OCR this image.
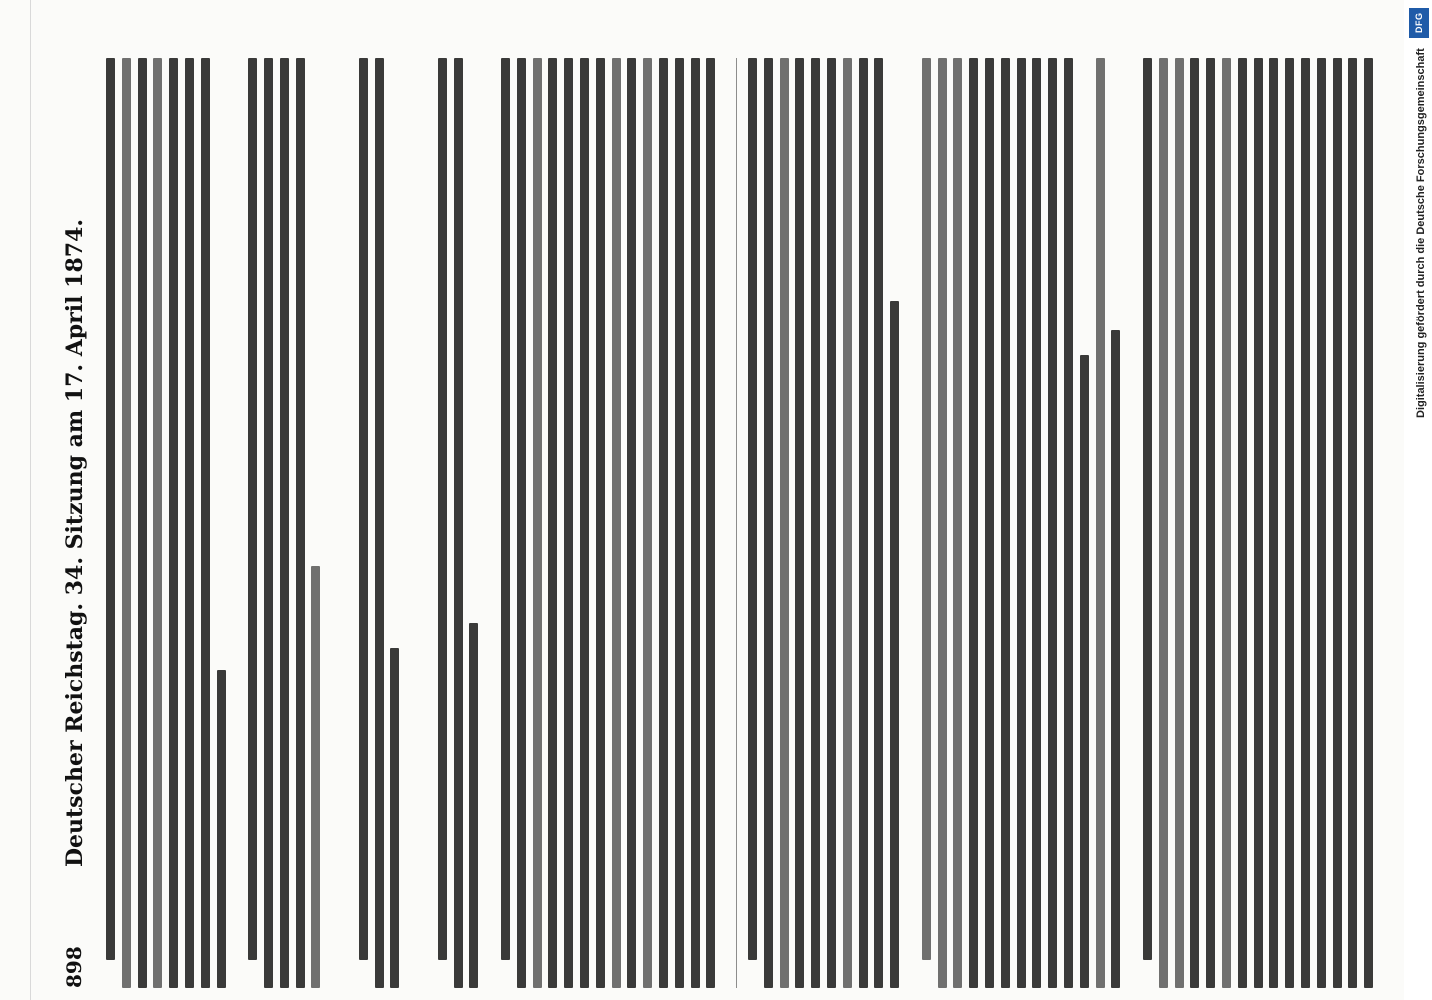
898
Deutscher Reichstag. 34. Sitzung am 17. April 1874.
DFG
Digitalisierung gefördert durch die Deutsche Forschungsgemeinschaft
